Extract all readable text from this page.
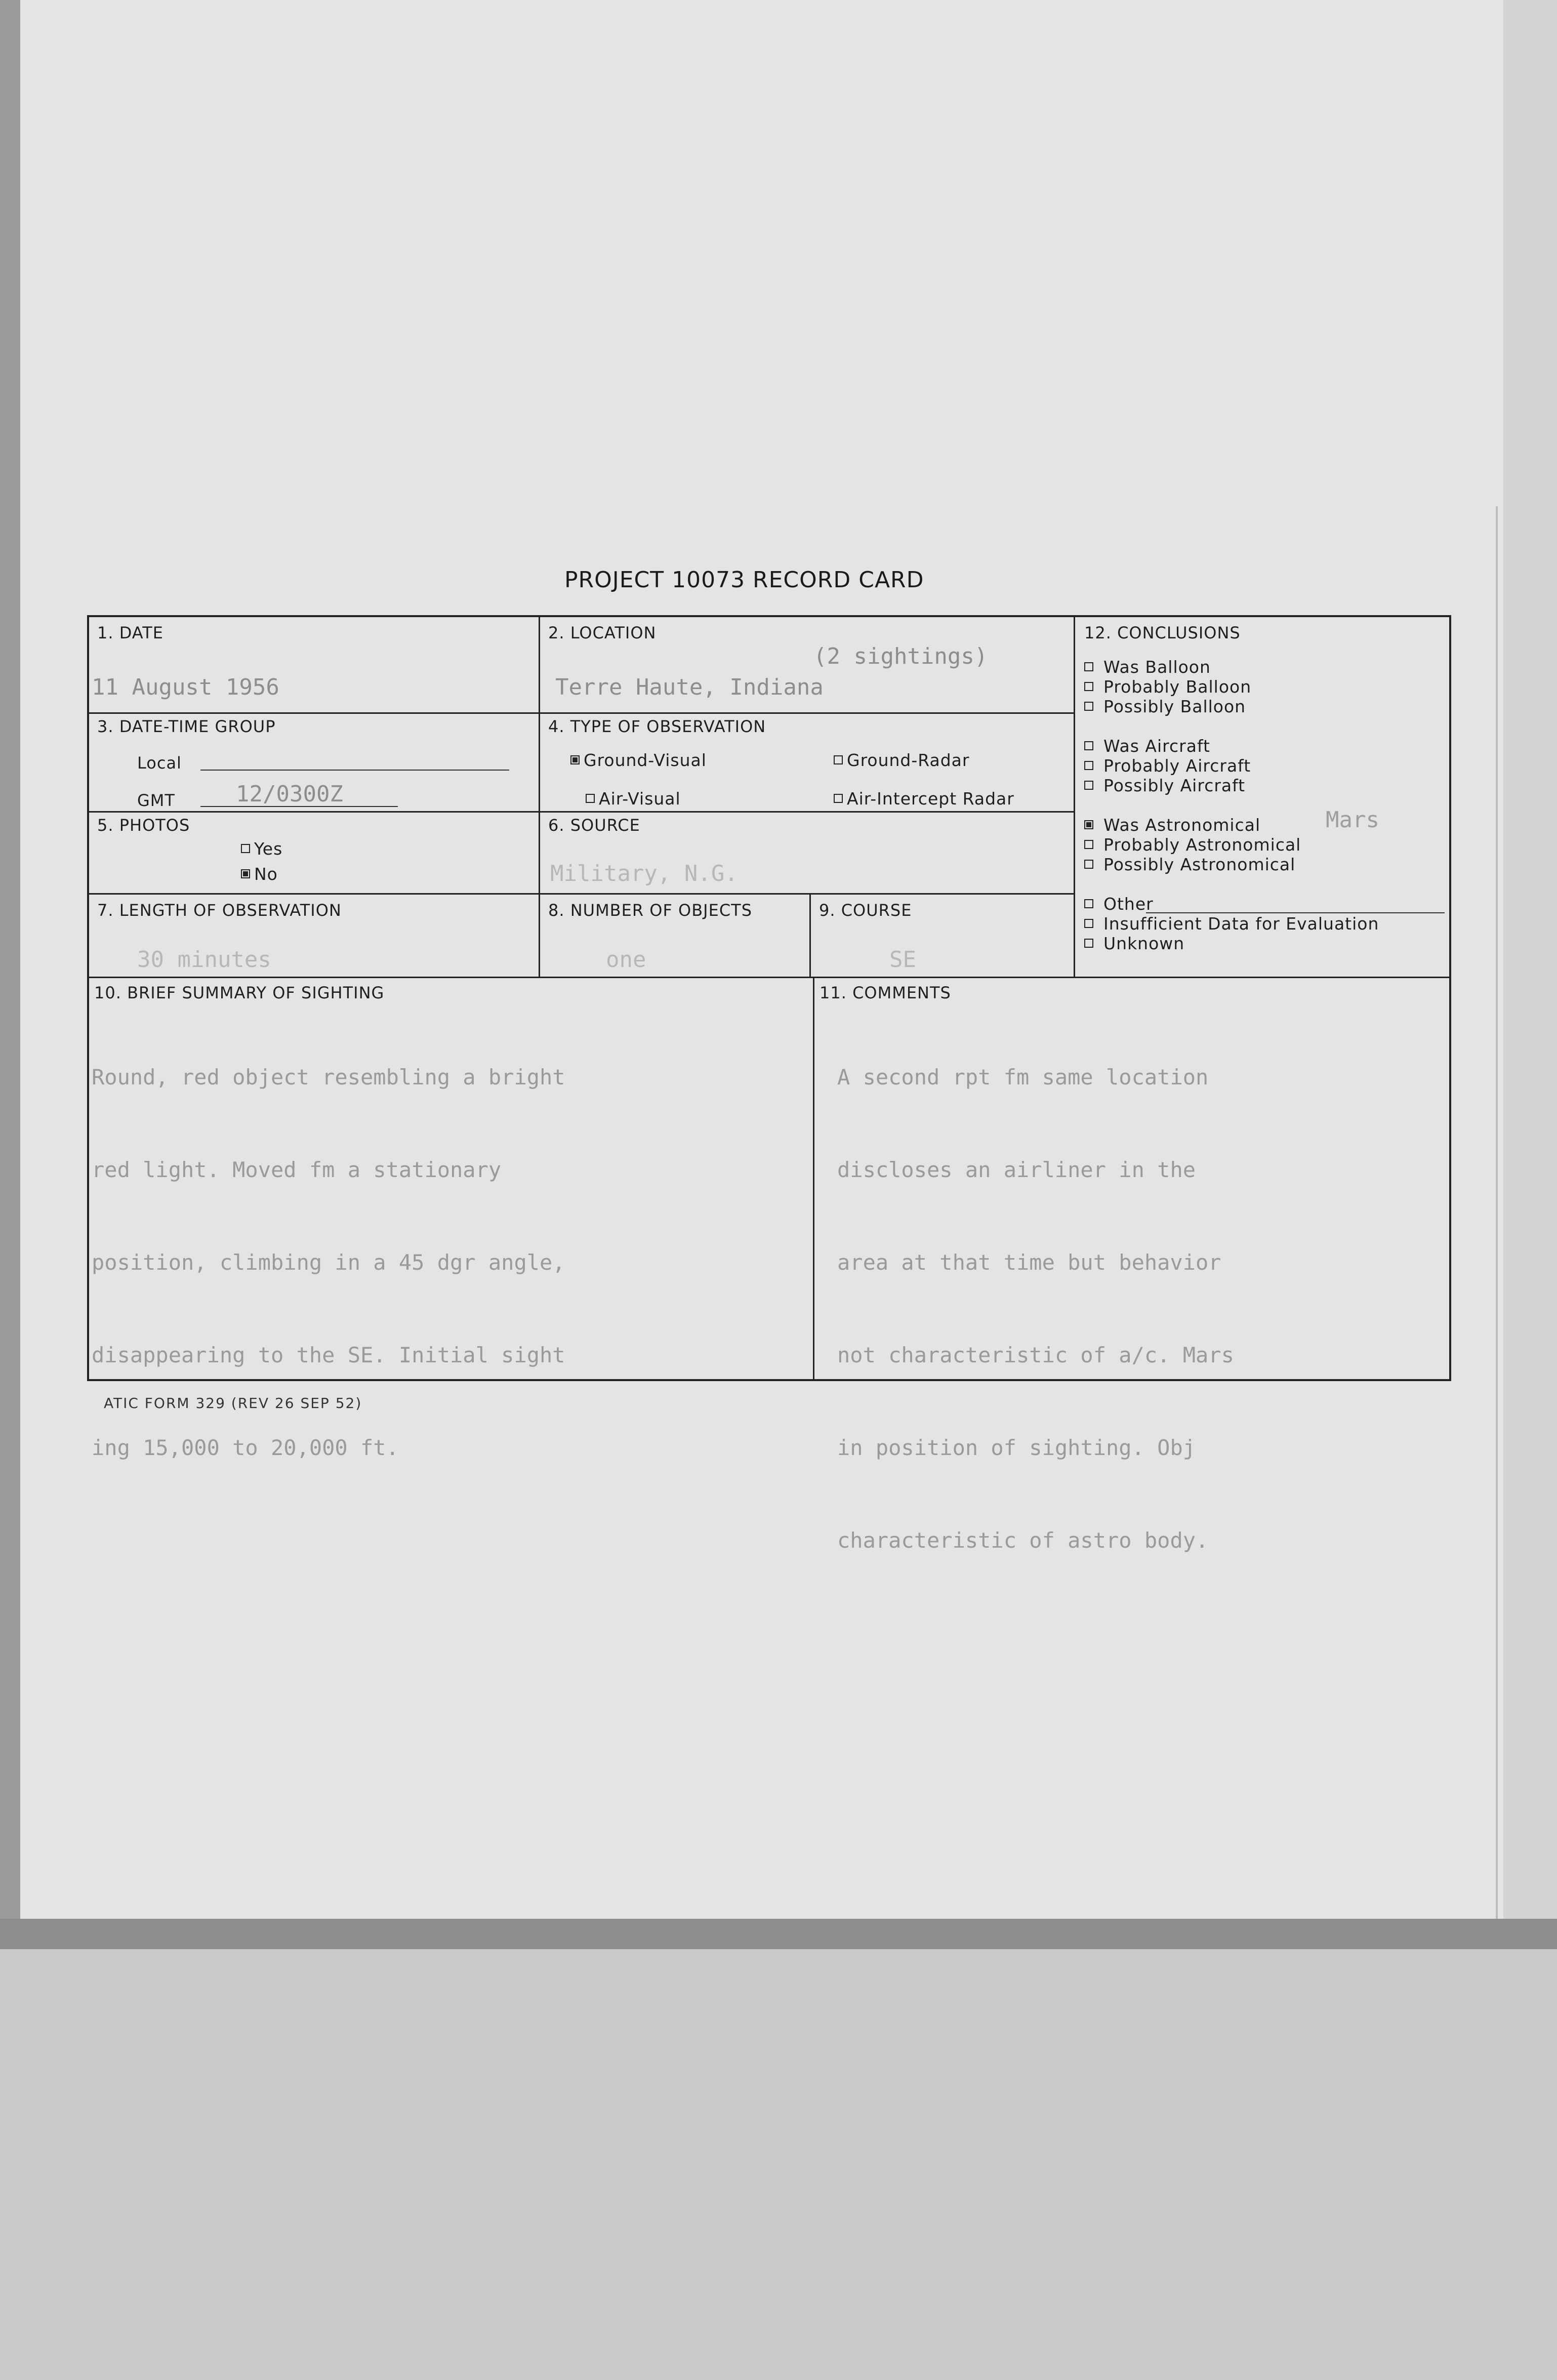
PROJECT 10073 RECORD CARD
1. DATE
11 August 1956
2. LOCATION
(2 sightings)
Terre Haute, Indiana
3. DATE-TIME GROUP
Local
GMT	12/0300Z
4. TYPE OF OBSERVATION
Ground-Visual	Ground-Radar
Air-Visual	Air-Intercept Radar
5. PHOTOS
Yes
No
6. SOURCE
Military, N.G.
7. LENGTH OF OBSERVATION
30 minutes
8. NUMBER OF OBJECTS
one
9. COURSE
SE
12. CONCLUSIONS
Was Balloon
Probably Balloon
Possibly Balloon
Was Aircraft
Probably Aircraft
Possibly Aircraft
Was Astronomical	Mars
Probably Astronomical
Possibly Astronomical
Other
Insufficient Data for Evaluation
Unknown
10. BRIEF SUMMARY OF SIGHTING

Round, red object resembling a bright

red light. Moved fm a stationary

position, climbing in a 45 dgr angle,

disappearing to the SE. Initial sight

ing 15,000 to 20,000 ft.

11. COMMENTS

A second rpt fm same location

discloses an airliner in the

area at that time but behavior

not characteristic of a/c. Mars

in position of sighting. Obj

characteristic of astro body.

ATIC FORM 329 (REV 26 SEP 52)
